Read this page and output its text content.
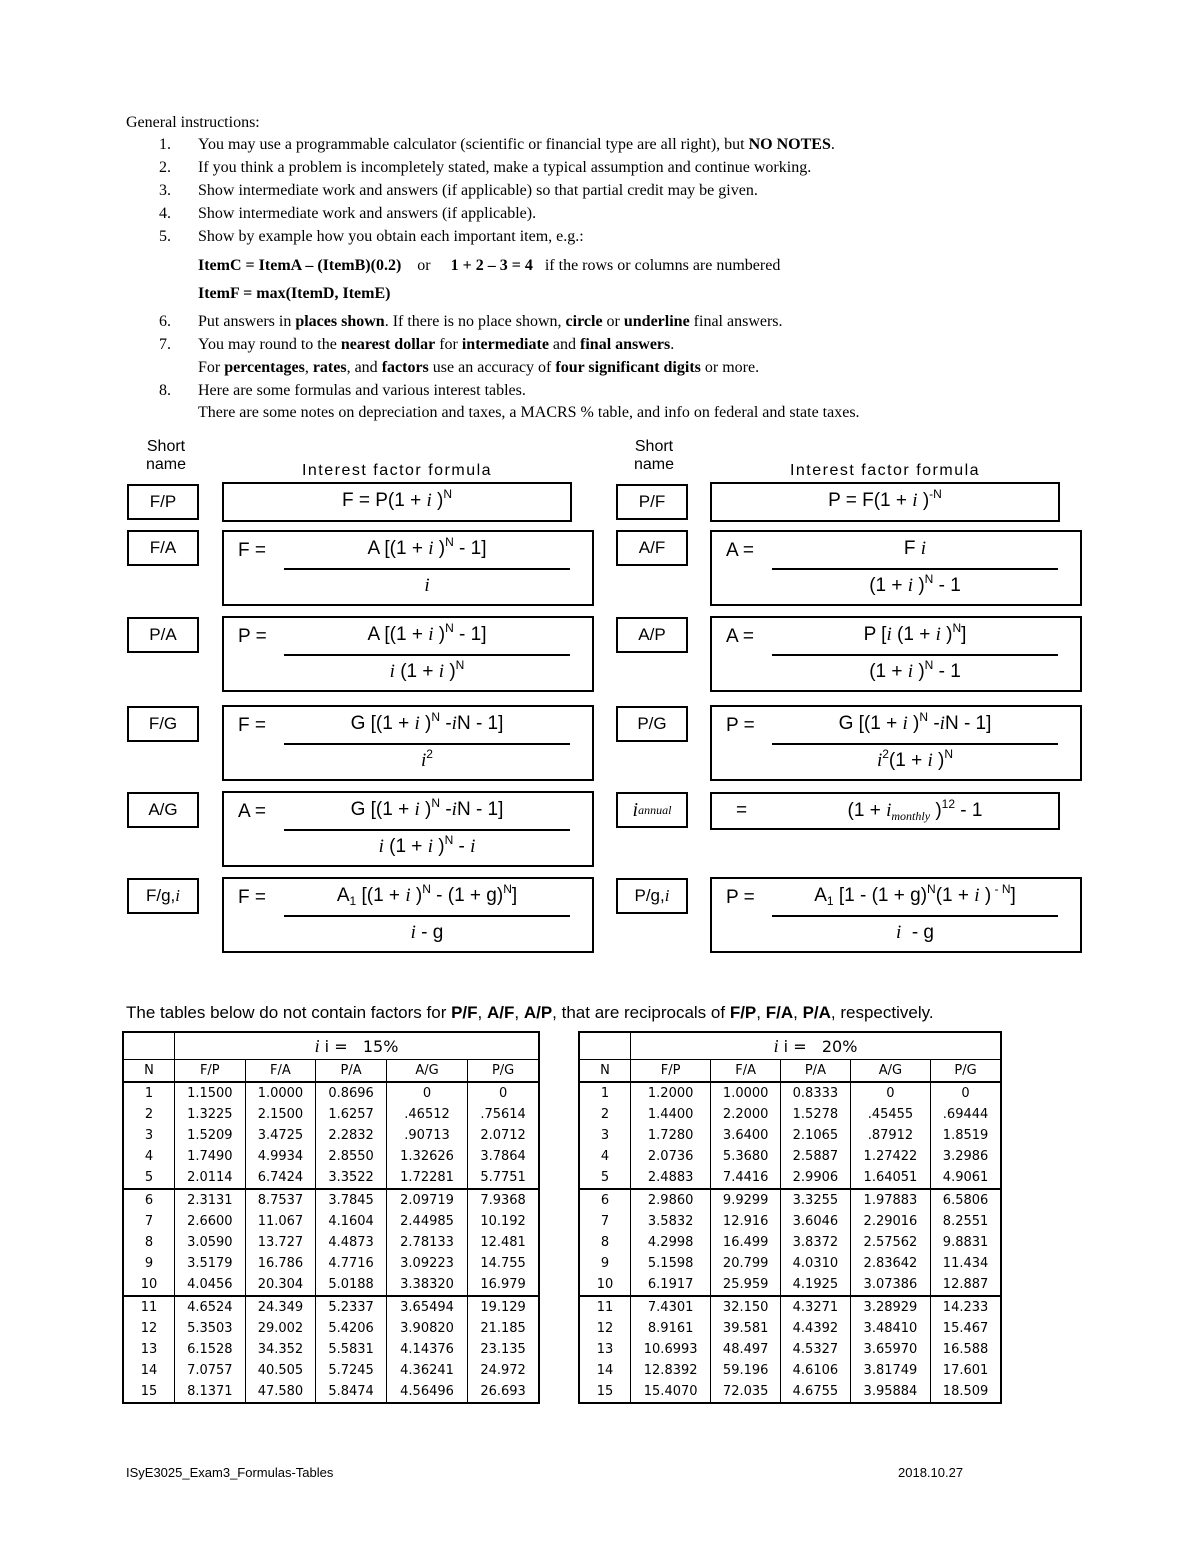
General instructions:
1.	You may use a programmable calculator (scientific or financial type are all right), but NO NOTES.
2.	If you think a problem is incompletely stated, make a typical assumption and continue working.
3.	Show intermediate work and answers (if applicable) so that partial credit may be given.
4.	Show intermediate work and answers (if applicable).
5.	Show by example how you obtain each important item, e.g.:
ItemC = ItemA – (ItemB)(0.2) or 1 + 2 – 3 = 4 if the rows or columns are numbered
ItemF = max(ItemD, ItemE)
6.	Put answers in places shown. If there is no place shown, circle or underline final answers.
7.	You may round to the nearest dollar for intermediate and final answers.
For percentages, rates, and factors use an accuracy of four significant digits or more.
8.	Here are some formulas and various interest tables.
There are some notes on depreciation and taxes, a MACRS % table, and info on federal and state taxes.
Short
name	Interest factor formula
Short
name	Interest factor formula
F/P	F = P(1 + i )$^N$
F/A	F =	A [(1 + i )$^N$ - 1]
i
P/A	P =	A [(1 + i )$^N$ - 1]
i (1 + i )$^N$
F/G	F =	G [(1 + i )$^N$ -iN - 1]
$i^2$
A/G	A =	G [(1 + i )$^N$ -iN - 1]
i (1 + i )$^N$ - i
F/g, i	F =	$A_1$ [(1 + i )$^N - (1 + g)^N$]
i - g
P/F	P = F(1 + i )$^{-N}$
A/F	A =	F i
(1 + i )$^N$ - 1
A/P	A =	P [i (1 + i )$^N$]
(1 + i )$^N$ - 1
P/G	P =	G [(1 + i )$^N$ -iN - 1]
$i^2(1 + i$ )$^N$
i annual	=	($1 + i_{monthly}$ )$^{12}$ - 1
P/g, i	P =	$A_1$ [$1 - (1 + g)^N(1 + i$ ) $^{- N}$]
i  - g
The tables below do not contain factors for P/F, A/F, A/P, that are reciprocals of F/P, F/A, P/A, respectively.
	i i = 15%				
N	F/P	F/A	P/A	A/G	P/G
1	1.1500	1.0000	0.8696	0	0
2	1.3225	2.1500	1.6257	.46512	.75614
3	1.5209	3.4725	2.2832	.90713	2.0712
4	1.7490	4.9934	2.8550	1.32626	3.7864
5	2.0114	6.7424	3.3522	1.72281	5.7751
6	2.3131	8.7537	3.7845	2.09719	7.9368
7	2.6600	11.067	4.1604	2.44985	10.192
8	3.0590	13.727	4.4873	2.78133	12.481
9	3.5179	16.786	4.7716	3.09223	14.755
10	4.0456	20.304	5.0188	3.38320	16.979
11	4.6524	24.349	5.2337	3.65494	19.129
12	5.3503	29.002	5.4206	3.90820	21.185
13	6.1528	34.352	5.5831	4.14376	23.135
14	7.0757	40.505	5.7245	4.36241	24.972
15	8.1371	47.580	5.8474	4.56496	26.693
	i i = 20%				
N	F/P	F/A	P/A	A/G	P/G
1	1.2000	1.0000	0.8333	0	0
2	1.4400	2.2000	1.5278	.45455	.69444
3	1.7280	3.6400	2.1065	.87912	1.8519
4	2.0736	5.3680	2.5887	1.27422	3.2986
5	2.4883	7.4416	2.9906	1.64051	4.9061
6	2.9860	9.9299	3.3255	1.97883	6.5806
7	3.5832	12.916	3.6046	2.29016	8.2551
8	4.2998	16.499	3.8372	2.57562	9.8831
9	5.1598	20.799	4.0310	2.83642	11.434
10	6.1917	25.959	4.1925	3.07386	12.887
11	7.4301	32.150	4.3271	3.28929	14.233
12	8.9161	39.581	4.4392	3.48410	15.467
13	10.6993	48.497	4.5327	3.65970	16.588
14	12.8392	59.196	4.6106	3.81749	17.601
15	15.4070	72.035	4.6755	3.95884	18.509
ISyE3025_Exam3_Formulas-Tables	2018.10.27
